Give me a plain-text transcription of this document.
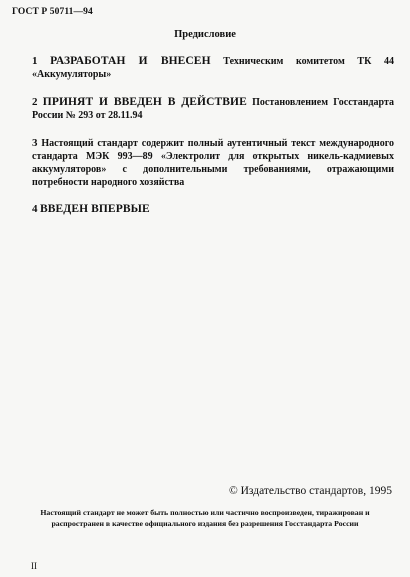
ГОСТ Р 50711—94
Предисловие
1 РАЗРАБОТАН И ВНЕСЕН Техническим комитетом ТК 44 «Аккумуляторы»
2 ПРИНЯТ И ВВЕДЕН В ДЕЙСТВИЕ Постановлением Госстандарта России № 293 от 28.11.94
3 Настоящий стандарт содержит полный аутентичный текст международного стандарта МЭК 993—89 «Электролит для открытых никель-кадмиевых аккумуляторов» с дополнительными требованиями, отражающими потребности народного хозяйства
4 ВВЕДЕН ВПЕРВЫЕ
© Издательство стандартов, 1995
Настоящий стандарт не может быть полностью или частично воспроизведен, тиражирован и распространен в качестве официального издания без разрешения Госстандарта России
II
